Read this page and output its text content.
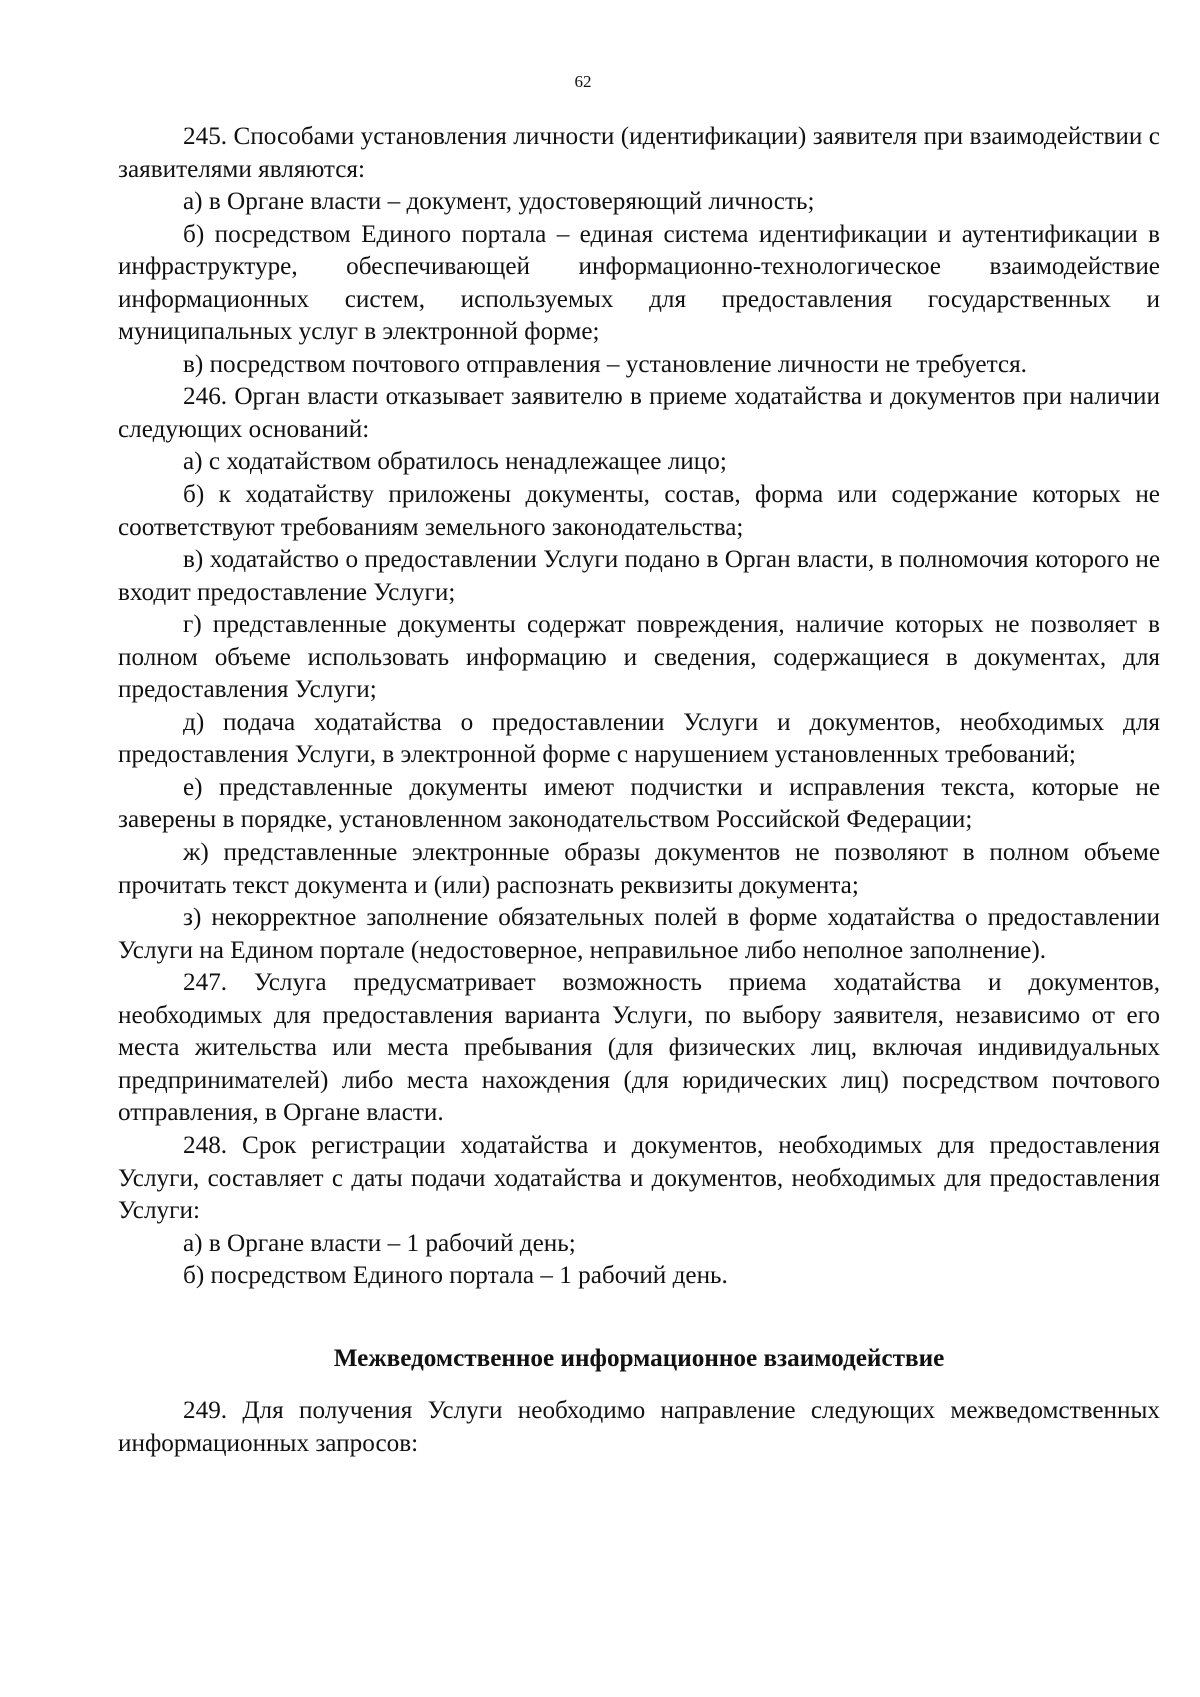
62

245. Способами установления личности (идентификации) заявителя при взаимодействии с заявителями являются:

а) в Органе власти – документ, удостоверяющий личность;

б) посредством Единого портала – единая система идентификации и аутентификации в инфраструктуре, обеспечивающей информационно-технологическое взаимодействие информационных систем, используемых для предоставления государственных и муниципальных услуг в электронной форме;

в) посредством почтового отправления – установление личности не требуется.

246. Орган власти отказывает заявителю в приеме ходатайства и документов при наличии следующих оснований:

а) с ходатайством обратилось ненадлежащее лицо;

б) к ходатайству приложены документы, состав, форма или содержание которых не соответствуют требованиям земельного законодательства;

в) ходатайство о предоставлении Услуги подано в Орган власти, в полномочия которого не входит предоставление Услуги;

г) представленные документы содержат повреждения, наличие которых не позволяет в полном объеме использовать информацию и сведения, содержащиеся в документах, для предоставления Услуги;

д) подача ходатайства о предоставлении Услуги и документов, необходимых для предоставления Услуги, в электронной форме с нарушением установленных требований;

е) представленные документы имеют подчистки и исправления текста, которые не заверены в порядке, установленном законодательством Российской Федерации;

ж) представленные электронные образы документов не позволяют в полном объеме прочитать текст документа и (или) распознать реквизиты документа;

з) некорректное заполнение обязательных полей в форме ходатайства о предоставлении Услуги на Едином портале (недостоверное, неправильное либо неполное заполнение).

247. Услуга предусматривает возможность приема ходатайства и документов, необходимых для предоставления варианта Услуги, по выбору заявителя, независимо от его места жительства или места пребывания (для физических лиц, включая индивидуальных предпринимателей) либо места нахождения (для юридических лиц) посредством почтового отправления, в Органе власти.

248. Срок регистрации ходатайства и документов, необходимых для предоставления Услуги, составляет с даты подачи ходатайства и документов, необходимых для предоставления Услуги:

а) в Органе власти – 1 рабочий день;

б) посредством Единого портала – 1 рабочий день.

Межведомственное информационное взаимодействие

249. Для получения Услуги необходимо направление следующих межведомственных информационных запросов:
